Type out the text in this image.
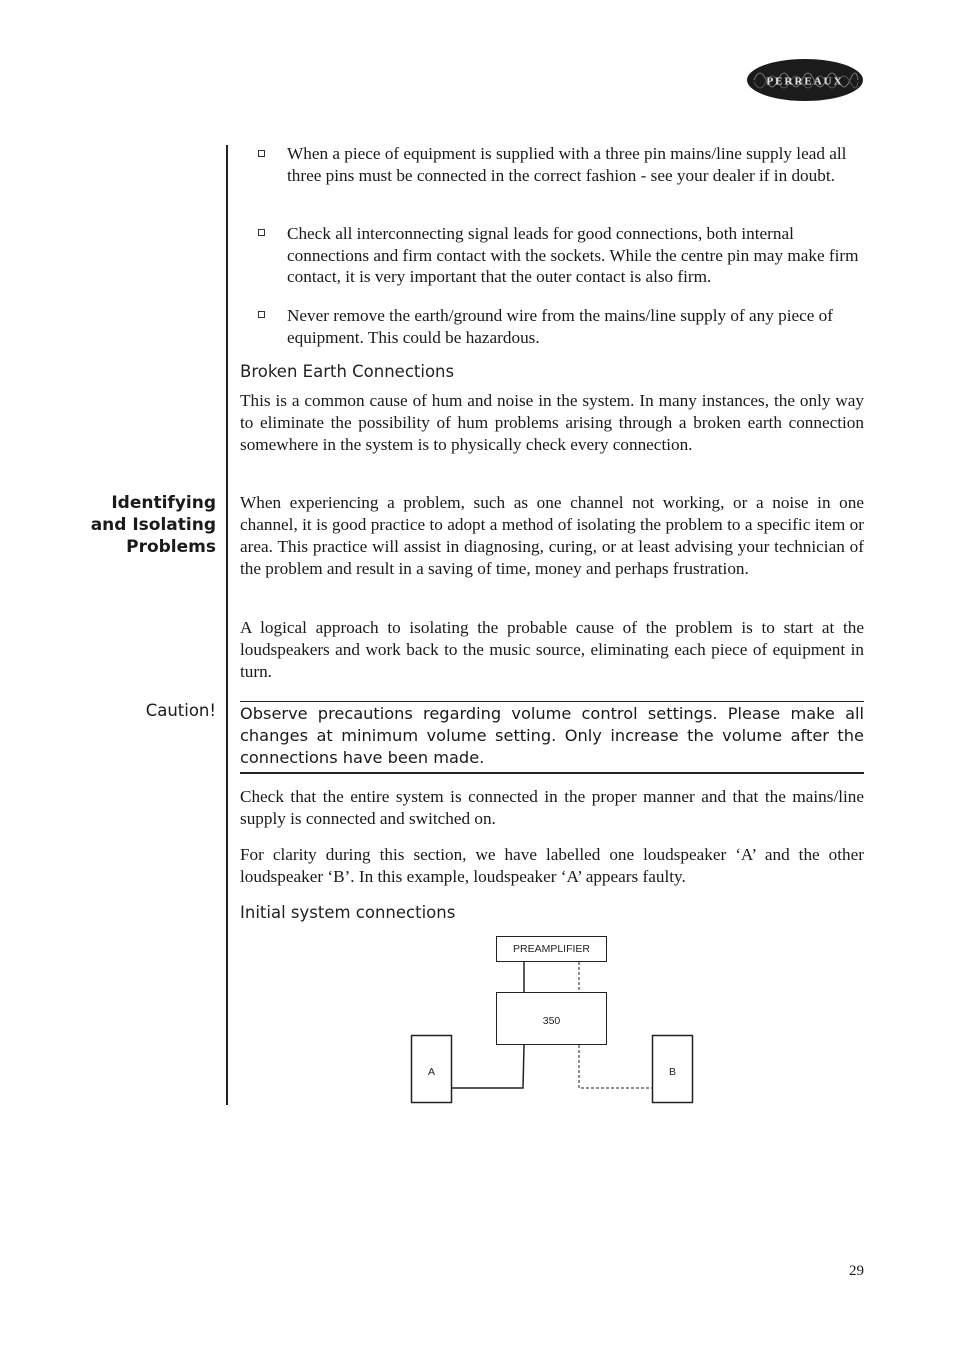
PERREAUX

When a piece of equipment is supplied with a three pin mains/line supply lead all three pins must be connected in the correct fashion - see your dealer if in doubt.

Check all interconnecting signal leads for good connections, both internal connections and firm contact with the sockets. While the centre pin may make firm contact, it is very important that the outer contact is also firm.

Never remove the earth/ground wire from the mains/line supply of any piece of equipment. This could be hazardous.

Broken Earth Connections

This is a common cause of hum and noise in the system. In many instances, the only way to eliminate the possibility of hum problems arising through a broken earth connection somewhere in the system is to physically check every connection.

Identifying
and Isolating
Problems

When experiencing a problem, such as one channel not working, or a noise in one channel, it is good practice to adopt a method of isolating the problem to a specific item or area. This practice will assist in diagnosing, curing, or at least advising your technician of the problem and result in a saving of time, money and perhaps frustration.

A logical approach to isolating the probable cause of the problem is to start at the loudspeakers and work back to the music source, eliminating each piece of equipment in turn.

Caution! Observe precautions regarding volume control settings. Please make all changes at minimum volume setting. Only increase the volume after the connections have been made.

Check that the entire system is connected in the proper manner and that the mains/line supply is connected and switched on.

For clarity during this section, we have labelled one loudspeaker ‘A’ and the other loudspeaker ‘B’. In this example, loudspeaker ‘A’ appears faulty.

Initial system connections
PREAMPLIFIER
350
A	B
29
